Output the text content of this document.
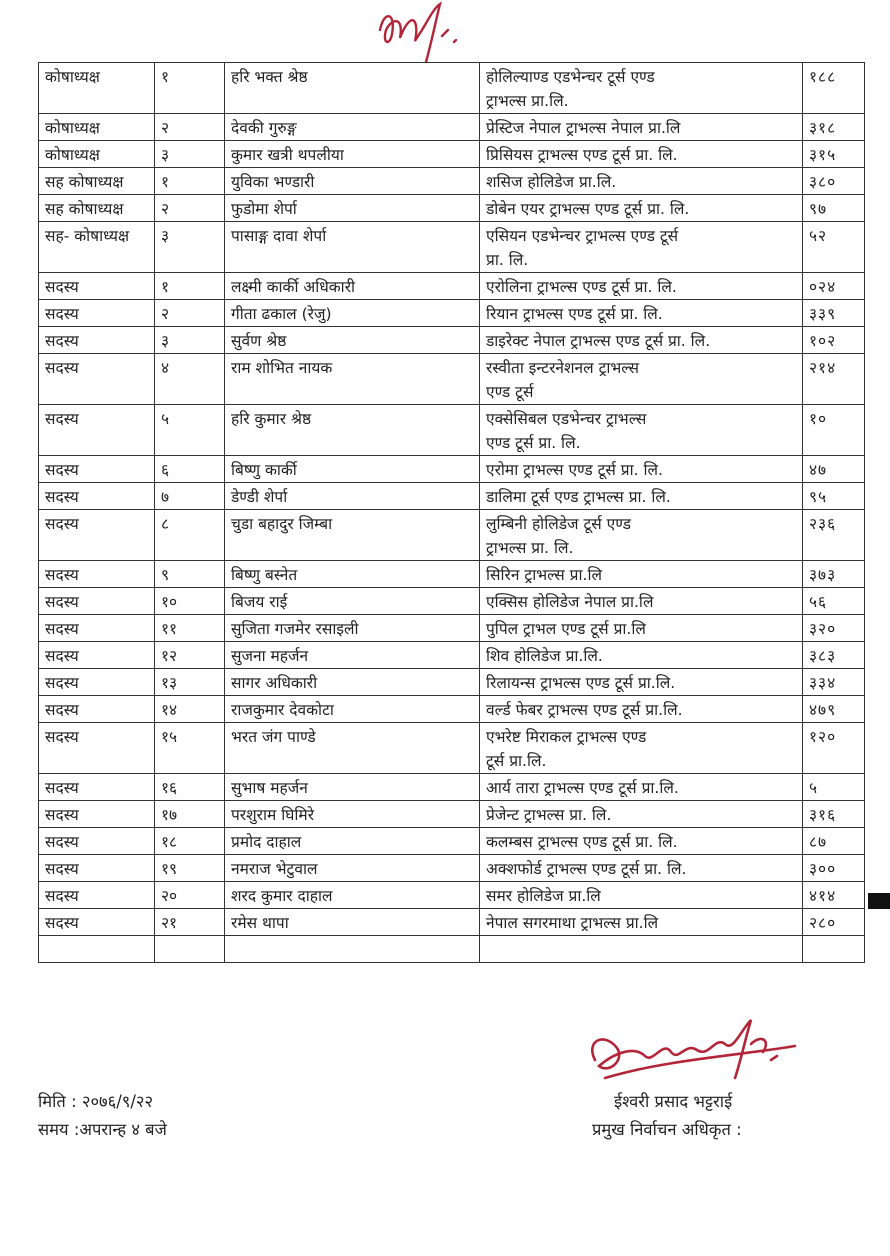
कोषाध्यक्ष	१	हरि भक्त श्रेष्ठ	होलिल्याण्ड एडभेन्चर टूर्स एण्ड
ट्राभल्स प्रा.लि.	१८८
कोषाध्यक्ष	२	देवकी गुरुङ्ग	प्रेस्टिज नेपाल ट्राभल्स नेपाल प्रा.लि	३१८
कोषाध्यक्ष	३	कुमार खत्री थपलीया	प्रिसियस ट्राभल्स एण्ड टूर्स प्रा. लि.	३१५
सह कोषाध्यक्ष	१	युविका भण्डारी	शसिज होलिडेज प्रा.लि.	३८०
सह कोषाध्यक्ष	२	फुडोमा शेर्पा	डोबेन एयर ट्राभल्स एण्ड टूर्स प्रा. लि.	९७
सह- कोषाध्यक्ष	३	पासाङ्ग दावा शेर्पा	एसियन एडभेन्चर ट्राभल्स एण्ड टूर्स
प्रा. लि.	५२
सदस्य	१	लक्ष्मी कार्की अधिकारी	एरोलिना ट्राभल्स एण्ड टूर्स प्रा. लि.	०२४
सदस्य	२	गीता ढकाल (रेजु)	रियान ट्राभल्स एण्ड टूर्स प्रा. लि.	३३९
सदस्य	३	सुर्वण श्रेष्ठ	डाइरेक्ट नेपाल ट्राभल्स एण्ड टूर्स प्रा. लि.	१०२
सदस्य	४	राम शोभित नायक	रस्वीता इन्टरनेशनल ट्राभल्स
एण्ड टूर्स	२१४
सदस्य	५	हरि कुमार श्रेष्ठ	एक्सेसिबल एडभेन्चर ट्राभल्स
एण्ड टूर्स प्रा. लि.	१०
सदस्य	६	बिष्णु कार्की	एरोमा ट्राभल्स एण्ड टूर्स प्रा. लि.	४७
सदस्य	७	डेण्डी शेर्पा	डालिमा टूर्स एण्ड ट्राभल्स प्रा. लि.	९५
सदस्य	८	चुडा बहादुर जिम्बा	लुम्बिनी होलिडेज टूर्स एण्ड
ट्राभल्स प्रा. लि.	२३६
सदस्य	९	बिष्णु बस्नेत	सिरिन ट्राभल्स प्रा.लि	३७३
सदस्य	१०	बिजय राई	एक्सिस होलिडेज नेपाल प्रा.लि	५६
सदस्य	११	सुजिता गजमेर रसाइली	पुपिल ट्राभल एण्ड टूर्स प्रा.लि	३२०
सदस्य	१२	सुजना महर्जन	शिव होलिडेज प्रा.लि.	३८३
सदस्य	१३	सागर अधिकारी	रिलायन्स ट्राभल्स एण्ड टूर्स प्रा.लि.	३३४
सदस्य	१४	राजकुमार देवकोटा	वर्ल्ड फेबर ट्राभल्स एण्ड टूर्स प्रा.लि.	४७९
सदस्य	१५	भरत जंग पाण्डे	एभरेष्ट मिराकल ट्राभल्स एण्ड
टूर्स प्रा.लि.	१२०
सदस्य	१६	सुभाष महर्जन	आर्य तारा ट्राभल्स एण्ड टूर्स प्रा.लि.	५
सदस्य	१७	परशुराम घिमिरे	प्रेजेन्ट ट्राभल्स प्रा. लि.	३१६
सदस्य	१८	प्रमोद दाहाल	कलम्बस ट्राभल्स एण्ड टूर्स प्रा. लि.	८७
सदस्य	१९	नमराज भेटुवाल	अक्शफोर्ड ट्राभल्स एण्ड टूर्स प्रा. लि.	३००
सदस्य	२०	शरद कुमार दाहाल	समर होलिडेज प्रा.लि	४१४
सदस्य	२१	रमेस थापा	नेपाल सगरमाथा ट्राभल्स प्रा.लि	२८०

मिति : २०७६/९/२२
समय :अपरान्ह ४ बजे
ईश्वरी प्रसाद भट्टराई
प्रमुख निर्वाचन अधिकृत :
